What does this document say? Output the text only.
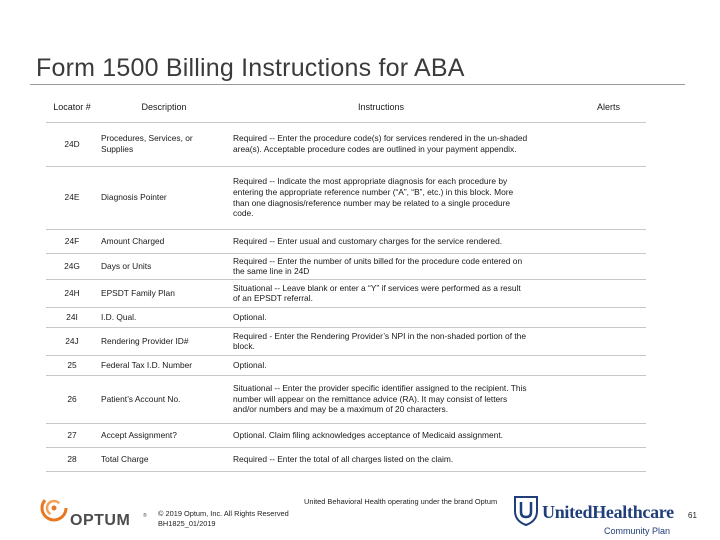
Form 1500 Billing Instructions for ABA
Locator #	Description	Instructions	Alerts
24D	Procedures, Services, or Supplies	Required -- Enter the procedure code(s) for services rendered in the un-shaded area(s). Acceptable procedure codes are outlined in your payment appendix.	
24E	Diagnosis Pointer	Required -- Indicate the most appropriate diagnosis for each procedure by entering the appropriate reference number (“A”, “B”, etc.) in this block. More than one diagnosis/reference number may be related to a single procedure code.	
24F	Amount Charged	Required -- Enter usual and customary charges for the service rendered.	
24G	Days or Units	Required -- Enter the number of units billed for the procedure code entered on the same line in 24D	
24H	EPSDT Family Plan	Situational -- Leave blank or enter a “Y” if services were performed as a result of an EPSDT referral.	
24I	I.D. Qual.	Optional.	
24J	Rendering Provider ID#	Required - Enter the Rendering Provider’s NPI in the non-shaded portion of the block.	
25	Federal Tax I.D. Number	Optional.	
26	Patient’s Account No.	Situational -- Enter the provider specific identifier assigned to the recipient. This number will appear on the remittance advice (RA). It may consist of letters and/or numbers and may be a maximum of 20 characters.	
27	Accept Assignment?	Optional. Claim filing acknowledges acceptance of Medicaid assignment.	
28	Total Charge	Required -- Enter the total of all charges listed on the claim.	
United Behavioral Health operating under the brand Optum
© 2019 Optum, Inc. All Rights Reserved
BH1825_01/2019
61
OPTUM	®	UnitedHealthcare
Community Plan
